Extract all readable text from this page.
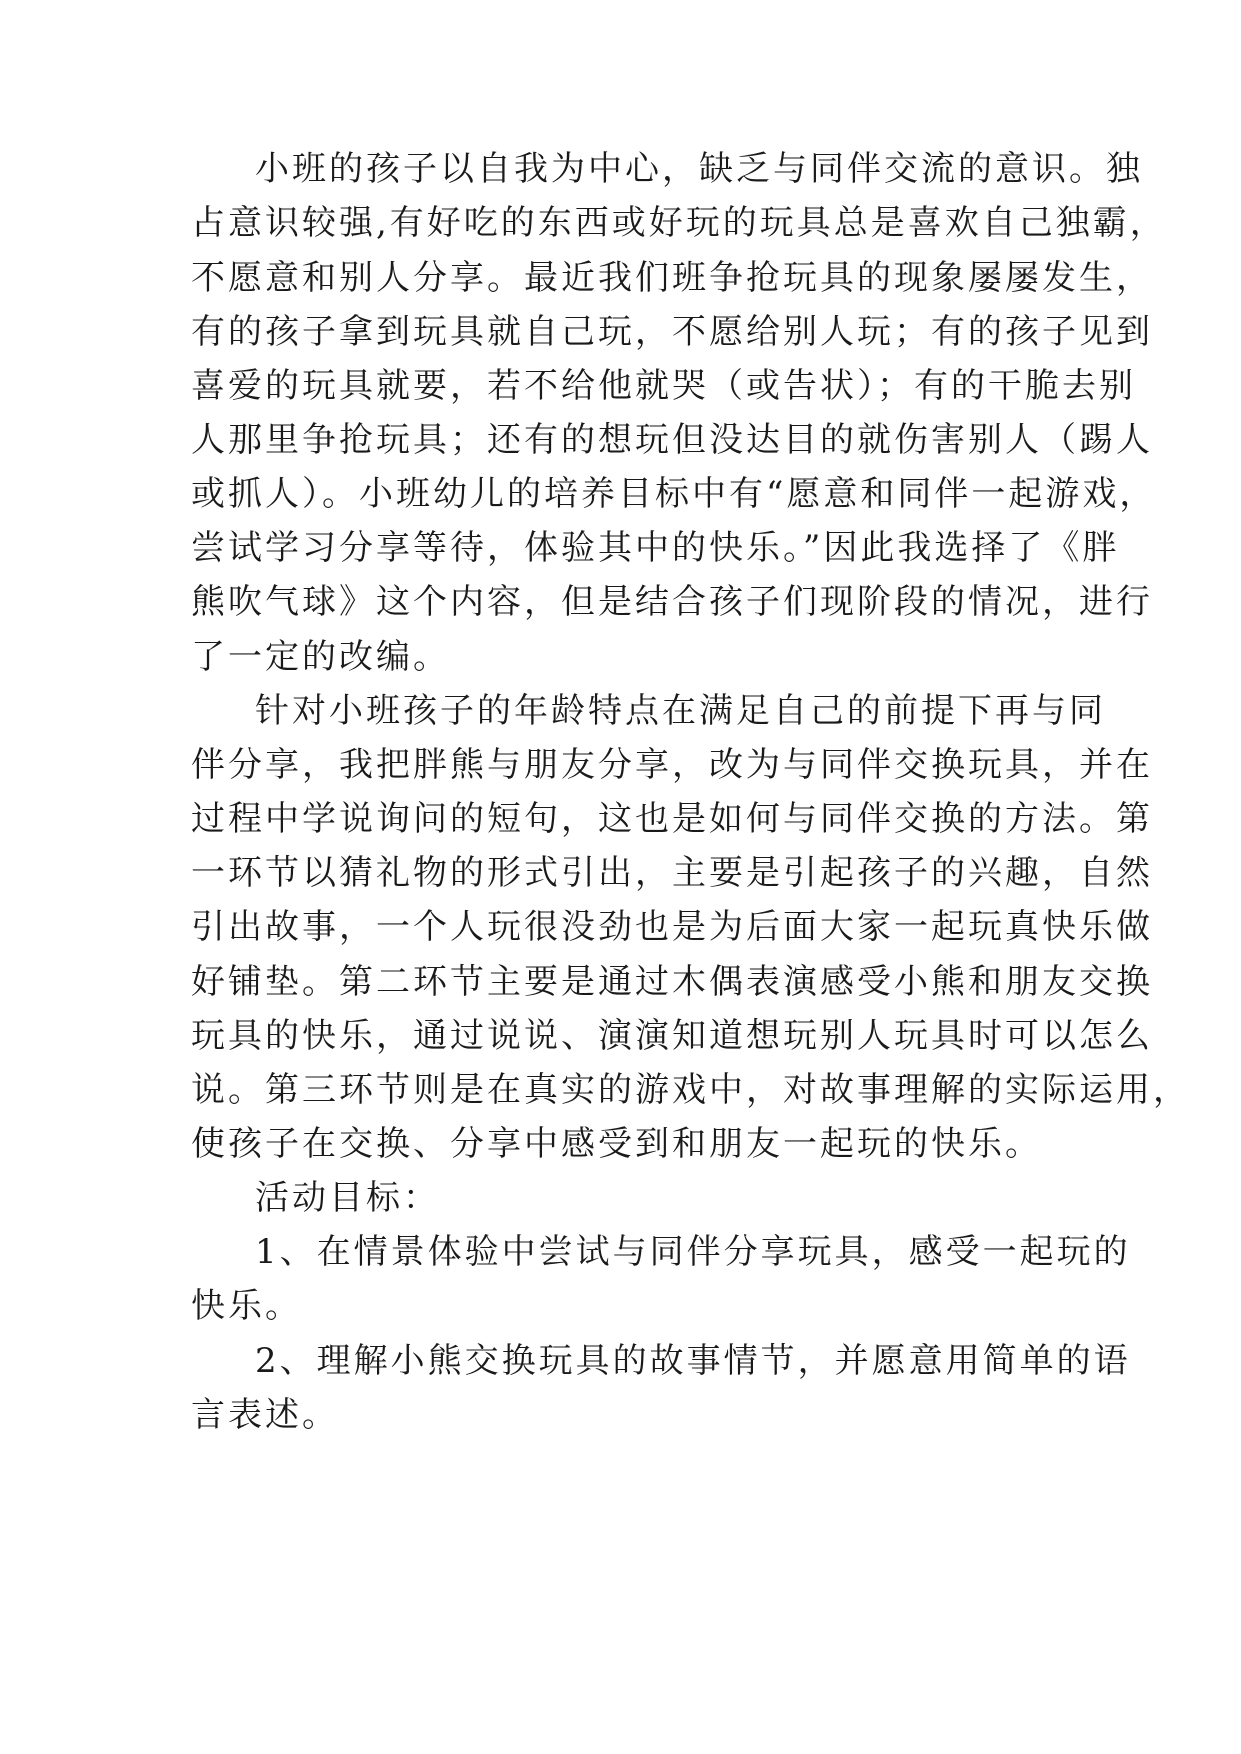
小班的孩子以自我为中心，缺乏与同伴交流的意识。独
占意识较强,有好吃的东西或好玩的玩具总是喜欢自己独霸，
不愿意和别人分享。最近我们班争抢玩具的现象屡屡发生，
有的孩子拿到玩具就自己玩，不愿给别人玩；有的孩子见到
喜爱的玩具就要，若不给他就哭（或告状）；有的干脆去别
人那里争抢玩具；还有的想玩但没达目的就伤害别人（踢人
或抓人）。小班幼儿的培养目标中有“愿意和同伴一起游戏，
尝试学习分享等待，体验其中的快乐。”因此我选择了《胖
熊吹气球》这个内容，但是结合孩子们现阶段的情况，进行
了一定的改编。
针对小班孩子的年龄特点在满足自己的前提下再与同
伴分享，我把胖熊与朋友分享，改为与同伴交换玩具，并在
过程中学说询问的短句，这也是如何与同伴交换的方法。第
一环节以猜礼物的形式引出，主要是引起孩子的兴趣，自然
引出故事，一个人玩很没劲也是为后面大家一起玩真快乐做
好铺垫。第二环节主要是通过木偶表演感受小熊和朋友交换
玩具的快乐，通过说说、演演知道想玩别人玩具时可以怎么
说。第三环节则是在真实的游戏中，对故事理解的实际运用，
使孩子在交换、分享中感受到和朋友一起玩的快乐。
活动目标：
1、在情景体验中尝试与同伴分享玩具，感受一起玩的
快乐。
2、理解小熊交换玩具的故事情节，并愿意用简单的语
言表述。
